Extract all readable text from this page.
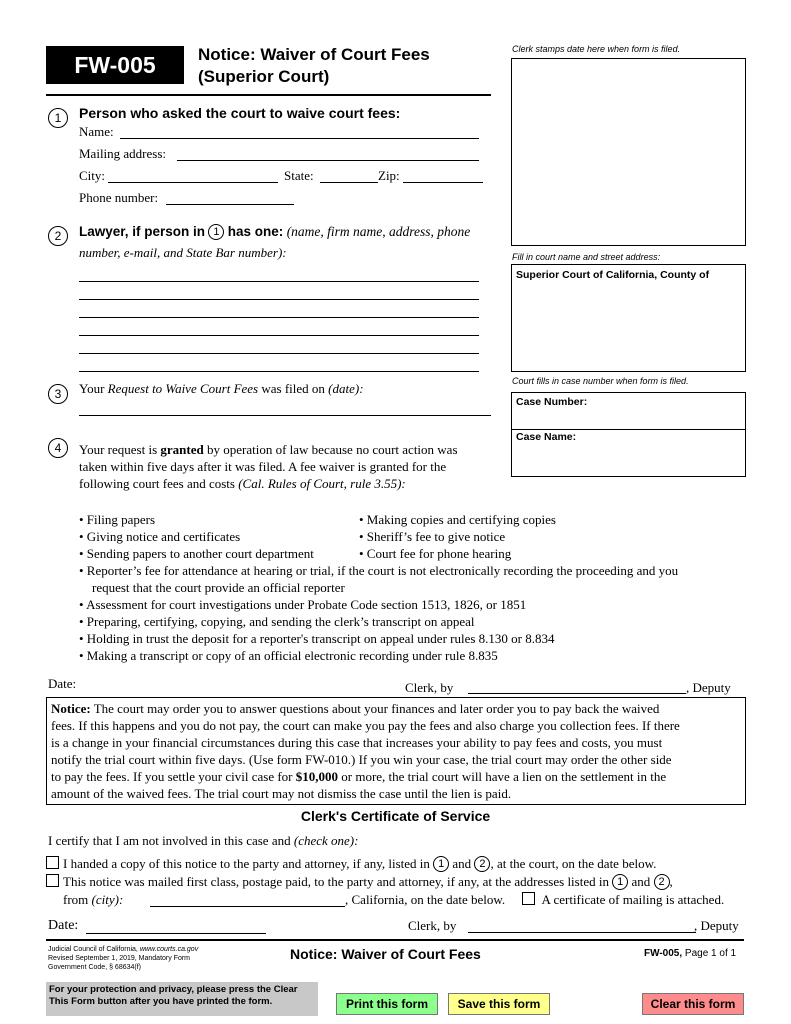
FW-005	Notice: Waiver of Court Fees
(Superior Court)
Clerk stamps date here when form is filed.
Fill in court name and street address:
Superior Court of California, County of
Court fills in case number when form is filed.
Case Number:
Case Name:
1	Person who asked the court to waive court fees:
Name:
Mailing address:
City:	State:	Zip:
Phone number:
2	Lawyer, if person in 1 has one: (name, firm name, address, phone
number, e-mail, and State Bar number):
3	Your Request to Waive Court Fees was filed on (date):
4	Your request is granted by operation of law because no court action was
taken within five days after it was filed. A fee waiver is granted for the
following court fees and costs (Cal. Rules of Court, rule 3.55):
• Filing papers
• Giving notice and certificates
• Sending papers to another court department
• Making copies and certifying copies
• Sheriff’s fee to give notice
• Court fee for phone hearing
• Reporter’s fee for attendance at hearing or trial, if the court is not electronically recording the proceeding and you
request that the court provide an official reporter
• Assessment for court investigations under Probate Code section 1513, 1826, or 1851
• Preparing, certifying, copying, and sending the clerk’s transcript on appeal
• Holding in trust the deposit for a reporter's transcript on appeal under rules 8.130 or 8.834
• Making a transcript or copy of an official electronic recording under rule 8.835
Date:	Clerk, by	, Deputy
Notice: The court may order you to answer questions about your finances and later order you to pay back the waived
fees. If this happens and you do not pay, the court can make you pay the fees and also charge you collection fees. If there
is a change in your financial circumstances during this case that increases your ability to pay fees and costs, you must
notify the trial court within five days. (Use form FW-010.) If you win your case, the trial court may order the other side
to pay the fees. If you settle your civil case for $10,000 or more, the trial court will have a lien on the settlement in the
amount of the waived fees. The trial court may not dismiss the case until the lien is paid.
Clerk's Certificate of Service
I certify that I am not involved in this case and (check one):
I handed a copy of this notice to the party and attorney, if any, listed in 1 and 2 , at the court, on the date below.
This notice was mailed first class, postage paid, to the party and attorney, if any, at the addresses listed in 1 and 2 ,
from (city):	, California, on the date below.	A certificate of mailing is attached.
Date:	Clerk, by	, Deputy
Judicial Council of California, www.courts.ca.gov
Revised September 1, 2019, Mandatory Form
Government Code, § 68634(f)
Notice: Waiver of Court Fees	FW-005, Page 1 of 1
For your protection and privacy, please press the Clear This Form button after you have printed the form.	Print this form	Save this form	Clear this form
